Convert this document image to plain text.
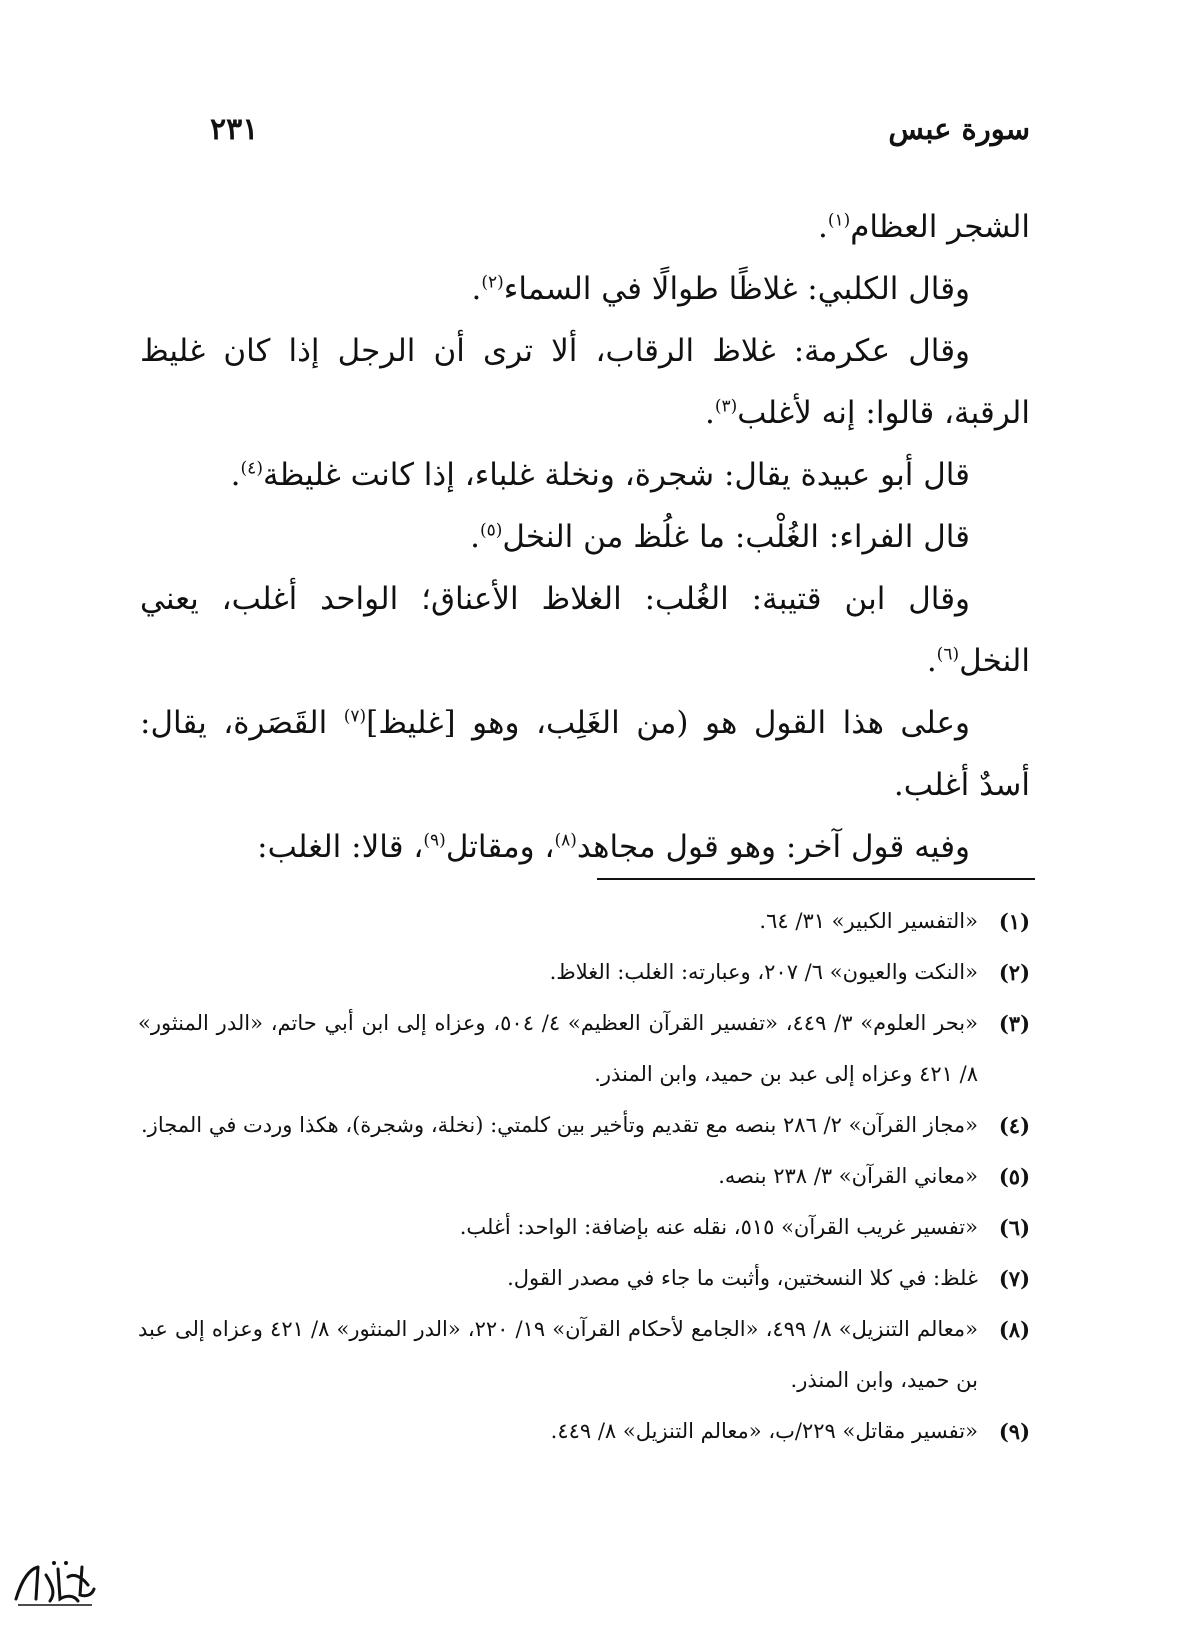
سورة عبس
٢٣١

الشجر العظام$^{(١)}$.

وقال الكلبي: غلاظًا طوالًا في السماء$^{(٢)}$.

وقال عكرمة: غلاظ الرقاب، ألا ترى أن الرجل إذا كان غليظ الرقبة، قالوا: إنه لأغلب$^{(٣)}$.

قال أبو عبيدة يقال: شجرة، ونخلة غلباء، إذا كانت غليظة$^{(٤)}$.

قال الفراء: الغُلْب: ما غلُظ من النخل$^{(٥)}$.

وقال ابن قتيبة: الغُلب: الغلاظ الأعناق؛ الواحد أغلب، يعني النخل$^{(٦)}$.

وعلى هذا القول هو (من الغَلِب، وهو [غليظ]$^{(٧)}$ القَصَرة، يقال: أسدٌ أغلب.

وفيه قول آخر: وهو قول مجاهد$^{(٨)}$، ومقاتل$^{(٩)}$، قالا: الغلب:

(١)
«التفسير الكبير» ٣١/ ٦٤.
(٢)
«النكت والعيون» ٦/ ٢٠٧، وعبارته: الغلب: الغلاظ.
(٣)
«بحر العلوم» ٣/ ٤٤٩، «تفسير القرآن العظيم» ٤/ ٥٠٤، وعزاه إلى ابن أبي حاتم، «الدر المنثور» ٨/ ٤٢١ وعزاه إلى عبد بن حميد، وابن المنذر.
(٤)
«مجاز القرآن» ٢/ ٢٨٦ بنصه مع تقديم وتأخير بين كلمتي: (نخلة، وشجرة)، هكذا وردت في المجاز.
(٥)
«معاني القرآن» ٣/ ٢٣٨ بنصه.
(٦)
«تفسير غريب القرآن» ٥١٥، نقله عنه بإضافة: الواحد: أغلب.
(٧)
غلظ: في كلا النسختين، وأثبت ما جاء في مصدر القول.
(٨)
«معالم التنزيل» ٨/ ٤٩٩، «الجامع لأحكام القرآن» ١٩/ ٢٢٠، «الدر المنثور» ٨/ ٤٢١ وعزاه إلى عبد بن حميد، وابن المنذر.
(٩)
«تفسير مقاتل» ٢٢٩/ب، «معالم التنزيل» ٨/ ٤٤٩.
